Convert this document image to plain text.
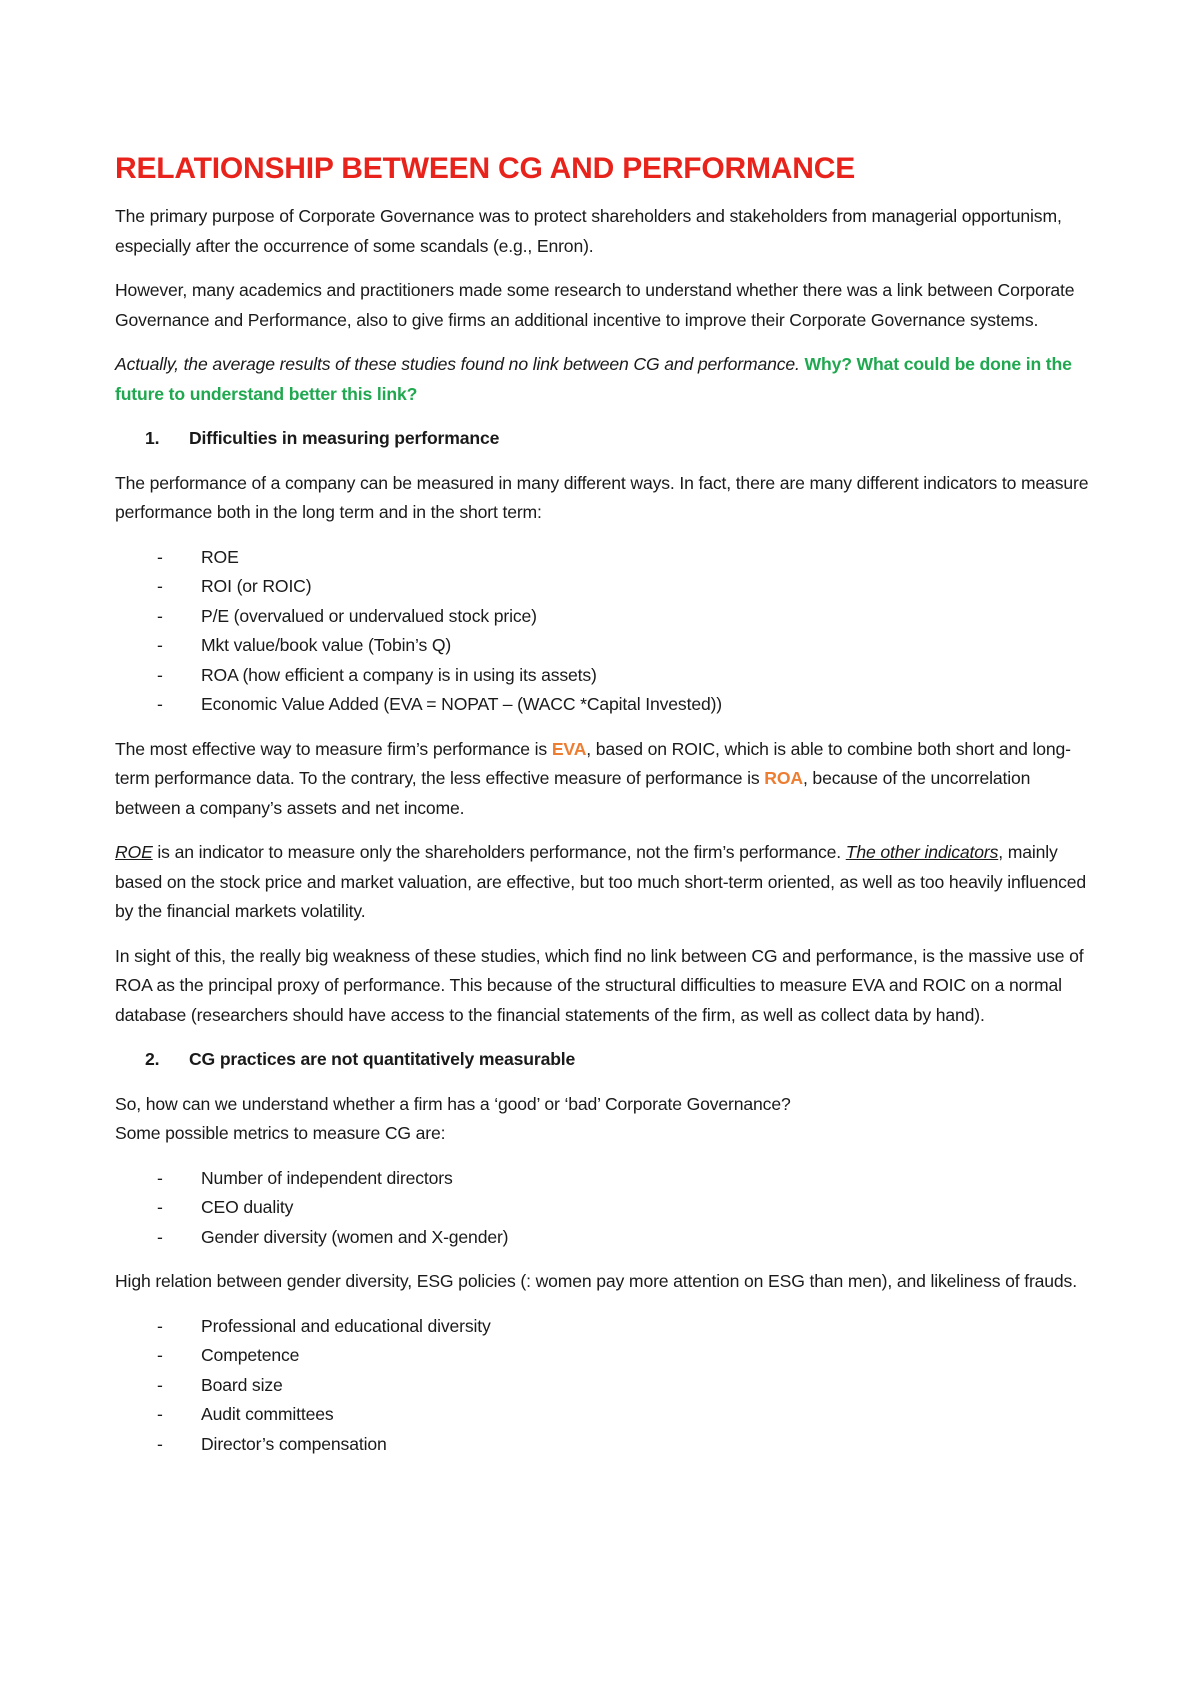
RELATIONSHIP BETWEEN CG AND PERFORMANCE

The primary purpose of Corporate Governance was to protect shareholders and stakeholders from managerial opportunism, especially after the occurrence of some scandals (e.g., Enron).

However, many academics and practitioners made some research to understand whether there was a link between Corporate Governance and Performance, also to give firms an additional incentive to improve their Corporate Governance systems.

Actually, the average results of these studies found no link between CG and performance. Why? What could be done in the future to understand better this link?

1.	Difficulties in measuring performance

The performance of a company can be measured in many different ways. In fact, there are many different indicators to measure performance both in the long term and in the short term:

-	ROE
-	ROI (or ROIC)
-	P/E (overvalued or undervalued stock price)
-	Mkt value/book value (Tobin’s Q)
-	ROA (how efficient a company is in using its assets)
-	Economic Value Added (EVA = NOPAT – (WACC *Capital Invested))

The most effective way to measure firm’s performance is EVA, based on ROIC, which is able to combine both short and long-term performance data. To the contrary, the less effective measure of performance is ROA, because of the uncorrelation between a company’s assets and net income.

ROE is an indicator to measure only the shareholders performance, not the firm’s performance. The other indicators, mainly based on the stock price and market valuation, are effective, but too much short-term oriented, as well as too heavily influenced by the financial markets volatility.

In sight of this, the really big weakness of these studies, which find no link between CG and performance, is the massive use of ROA as the principal proxy of performance. This because of the structural difficulties to measure EVA and ROIC on a normal database (researchers should have access to the financial statements of the firm, as well as collect data by hand).

2.	CG practices are not quantitatively measurable

So, how can we understand whether a firm has a ‘good’ or ‘bad’ Corporate Governance?

Some possible metrics to measure CG are:

-	Number of independent directors
-	CEO duality
-	Gender diversity (women and X-gender)

High relation between gender diversity, ESG policies (: women pay more attention on ESG than men), and likeliness of frauds.

-	Professional and educational diversity
-	Competence
-	Board size
-	Audit committees
-	Director’s compensation
